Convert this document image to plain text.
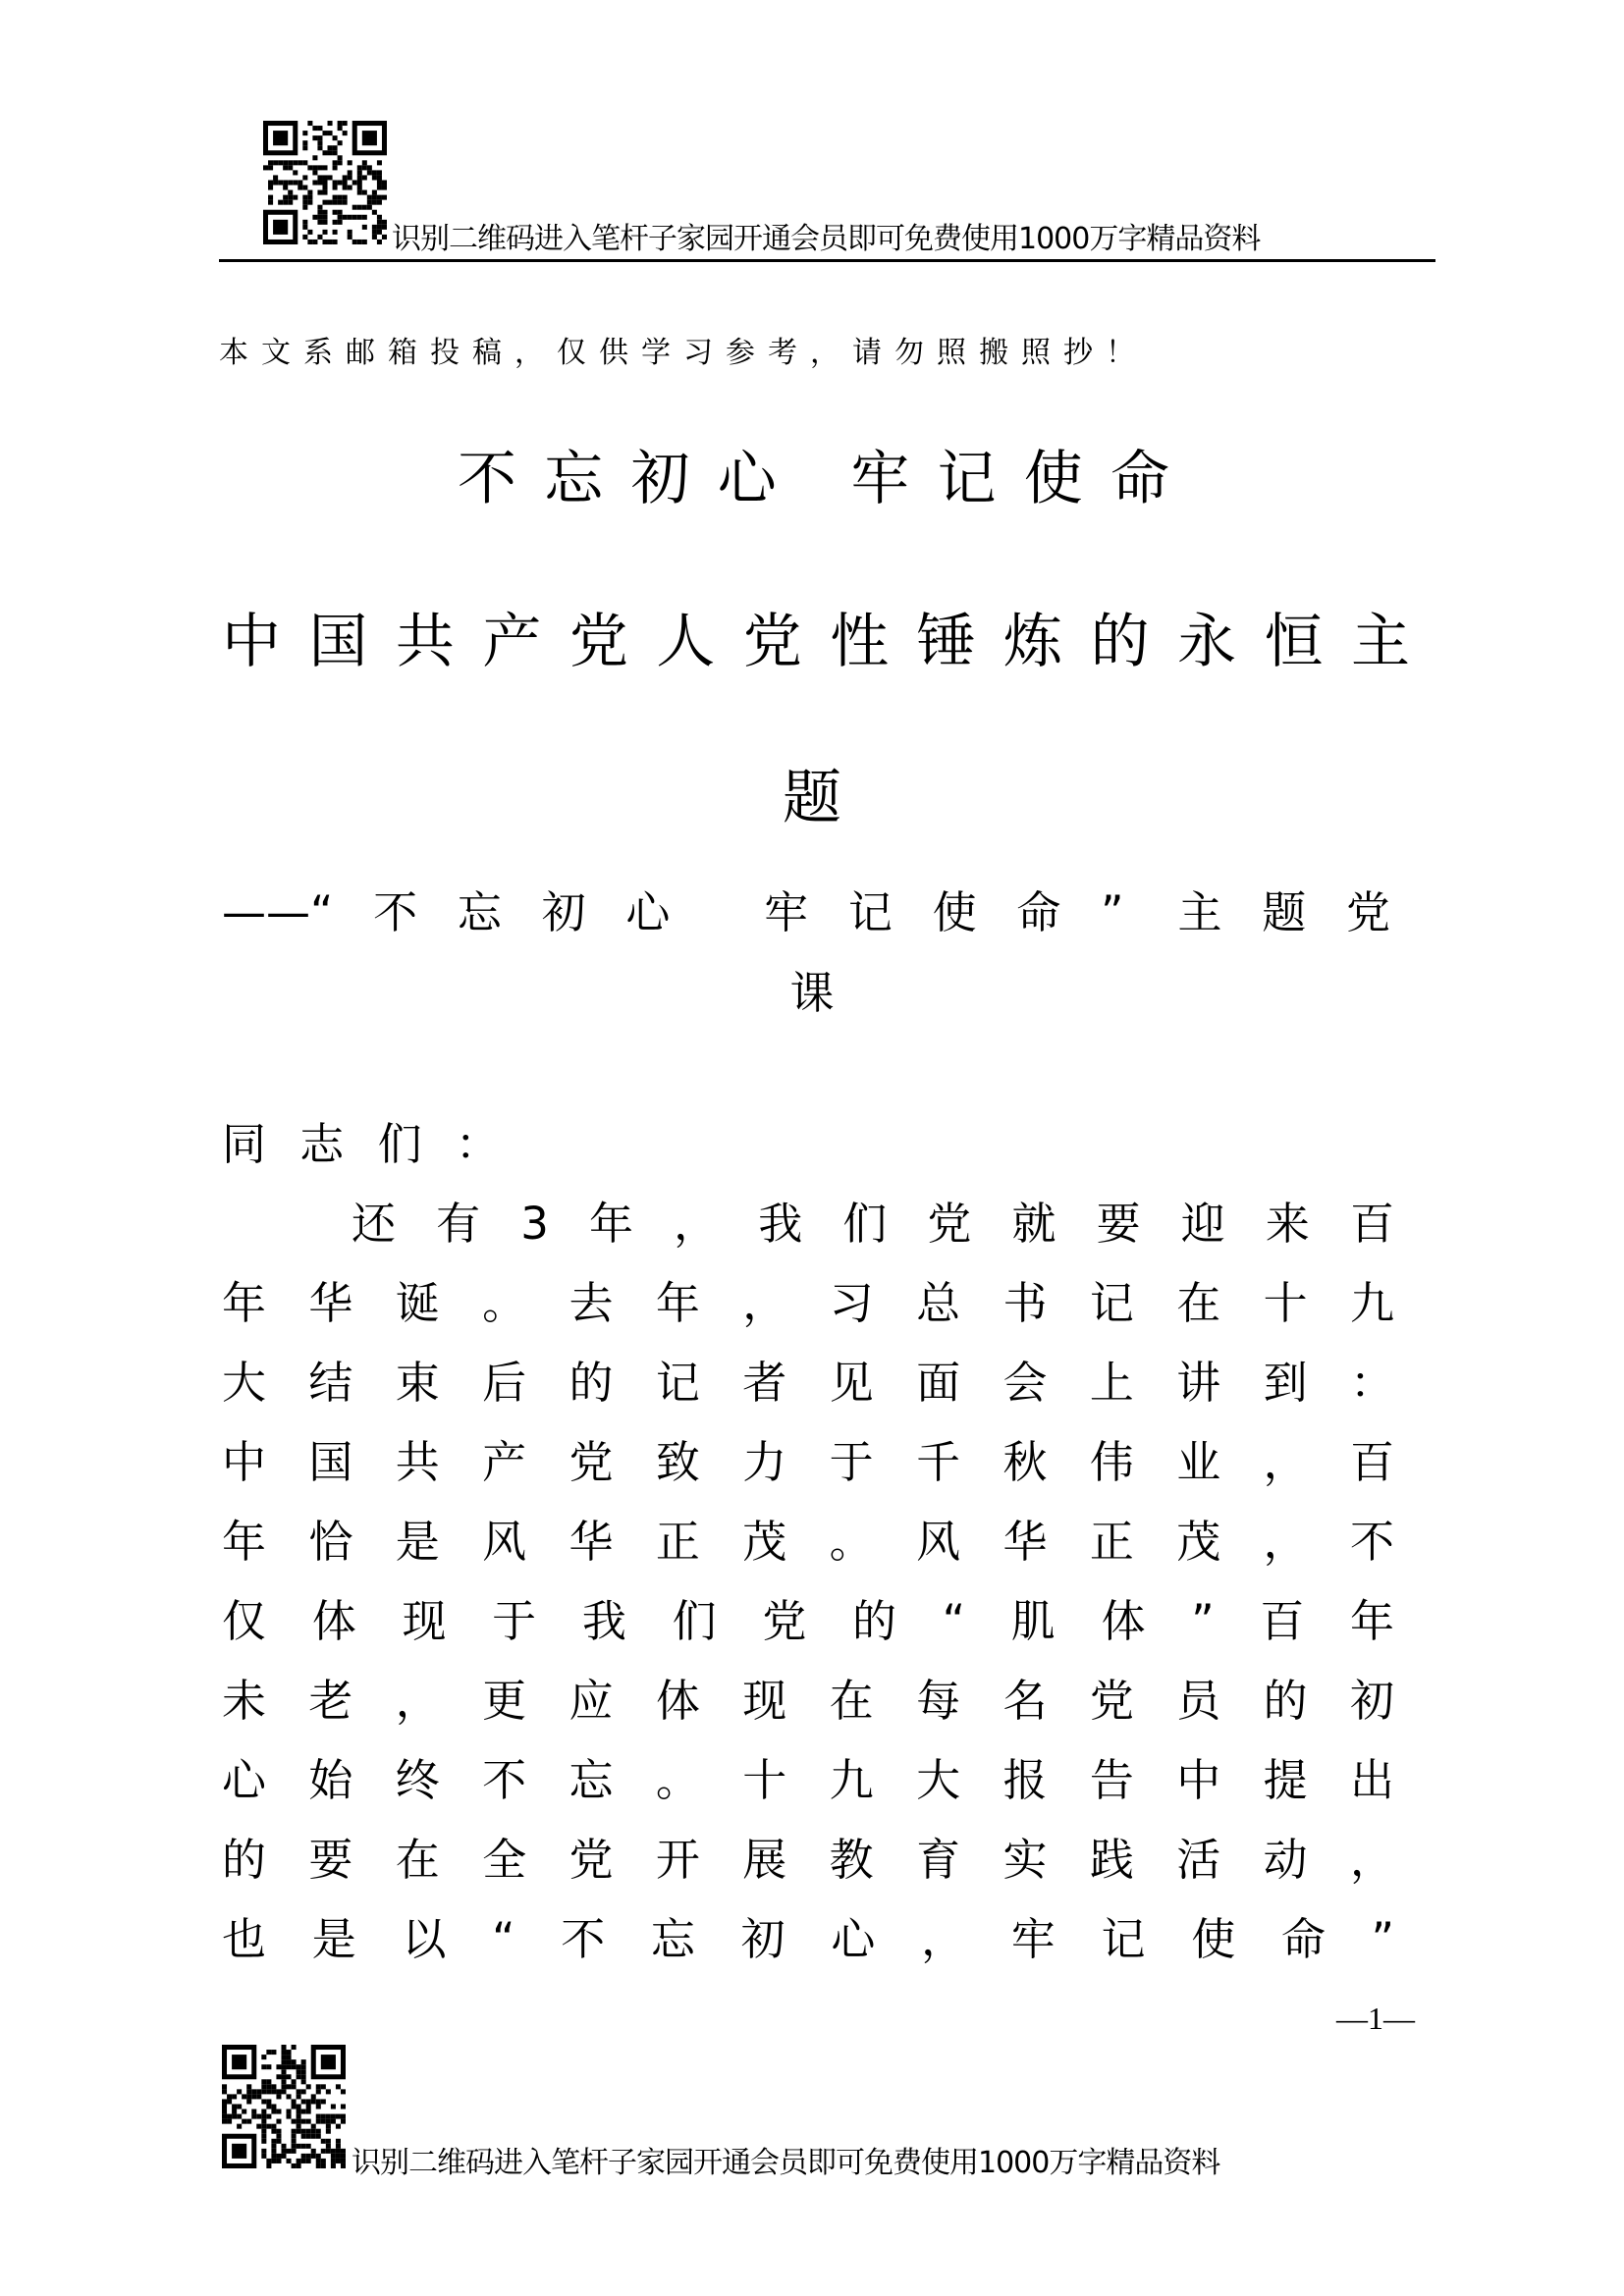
识别二维码进入笔杆子家园开通会员即可免费使用1000万字精品资料
本文系邮箱投稿，仅供学习参考，请勿照搬照抄！
不忘初心 牢记使命
中国共产党人党性锤炼的永恒主
题
——“不忘初心 牢记使命” 主题党
课
同 志 们 ：
还有3年，我们党就要迎来百
年华诞。去年，习总书记在十九
大结束后的记者见面会上讲到：
中国共产党致力于千秋伟业，百
年恰是风华正茂。风华正茂，不
仅体现于我们党的“肌体”百年
未老，更应体现在每名党员的初
心始终不忘。十九大报告中提出
的要在全党开展教育实践活动，
也是以“不忘初心，牢记使命”
—1—
识别二维码进入笔杆子家园开通会员即可免费使用1000万字精品资料
